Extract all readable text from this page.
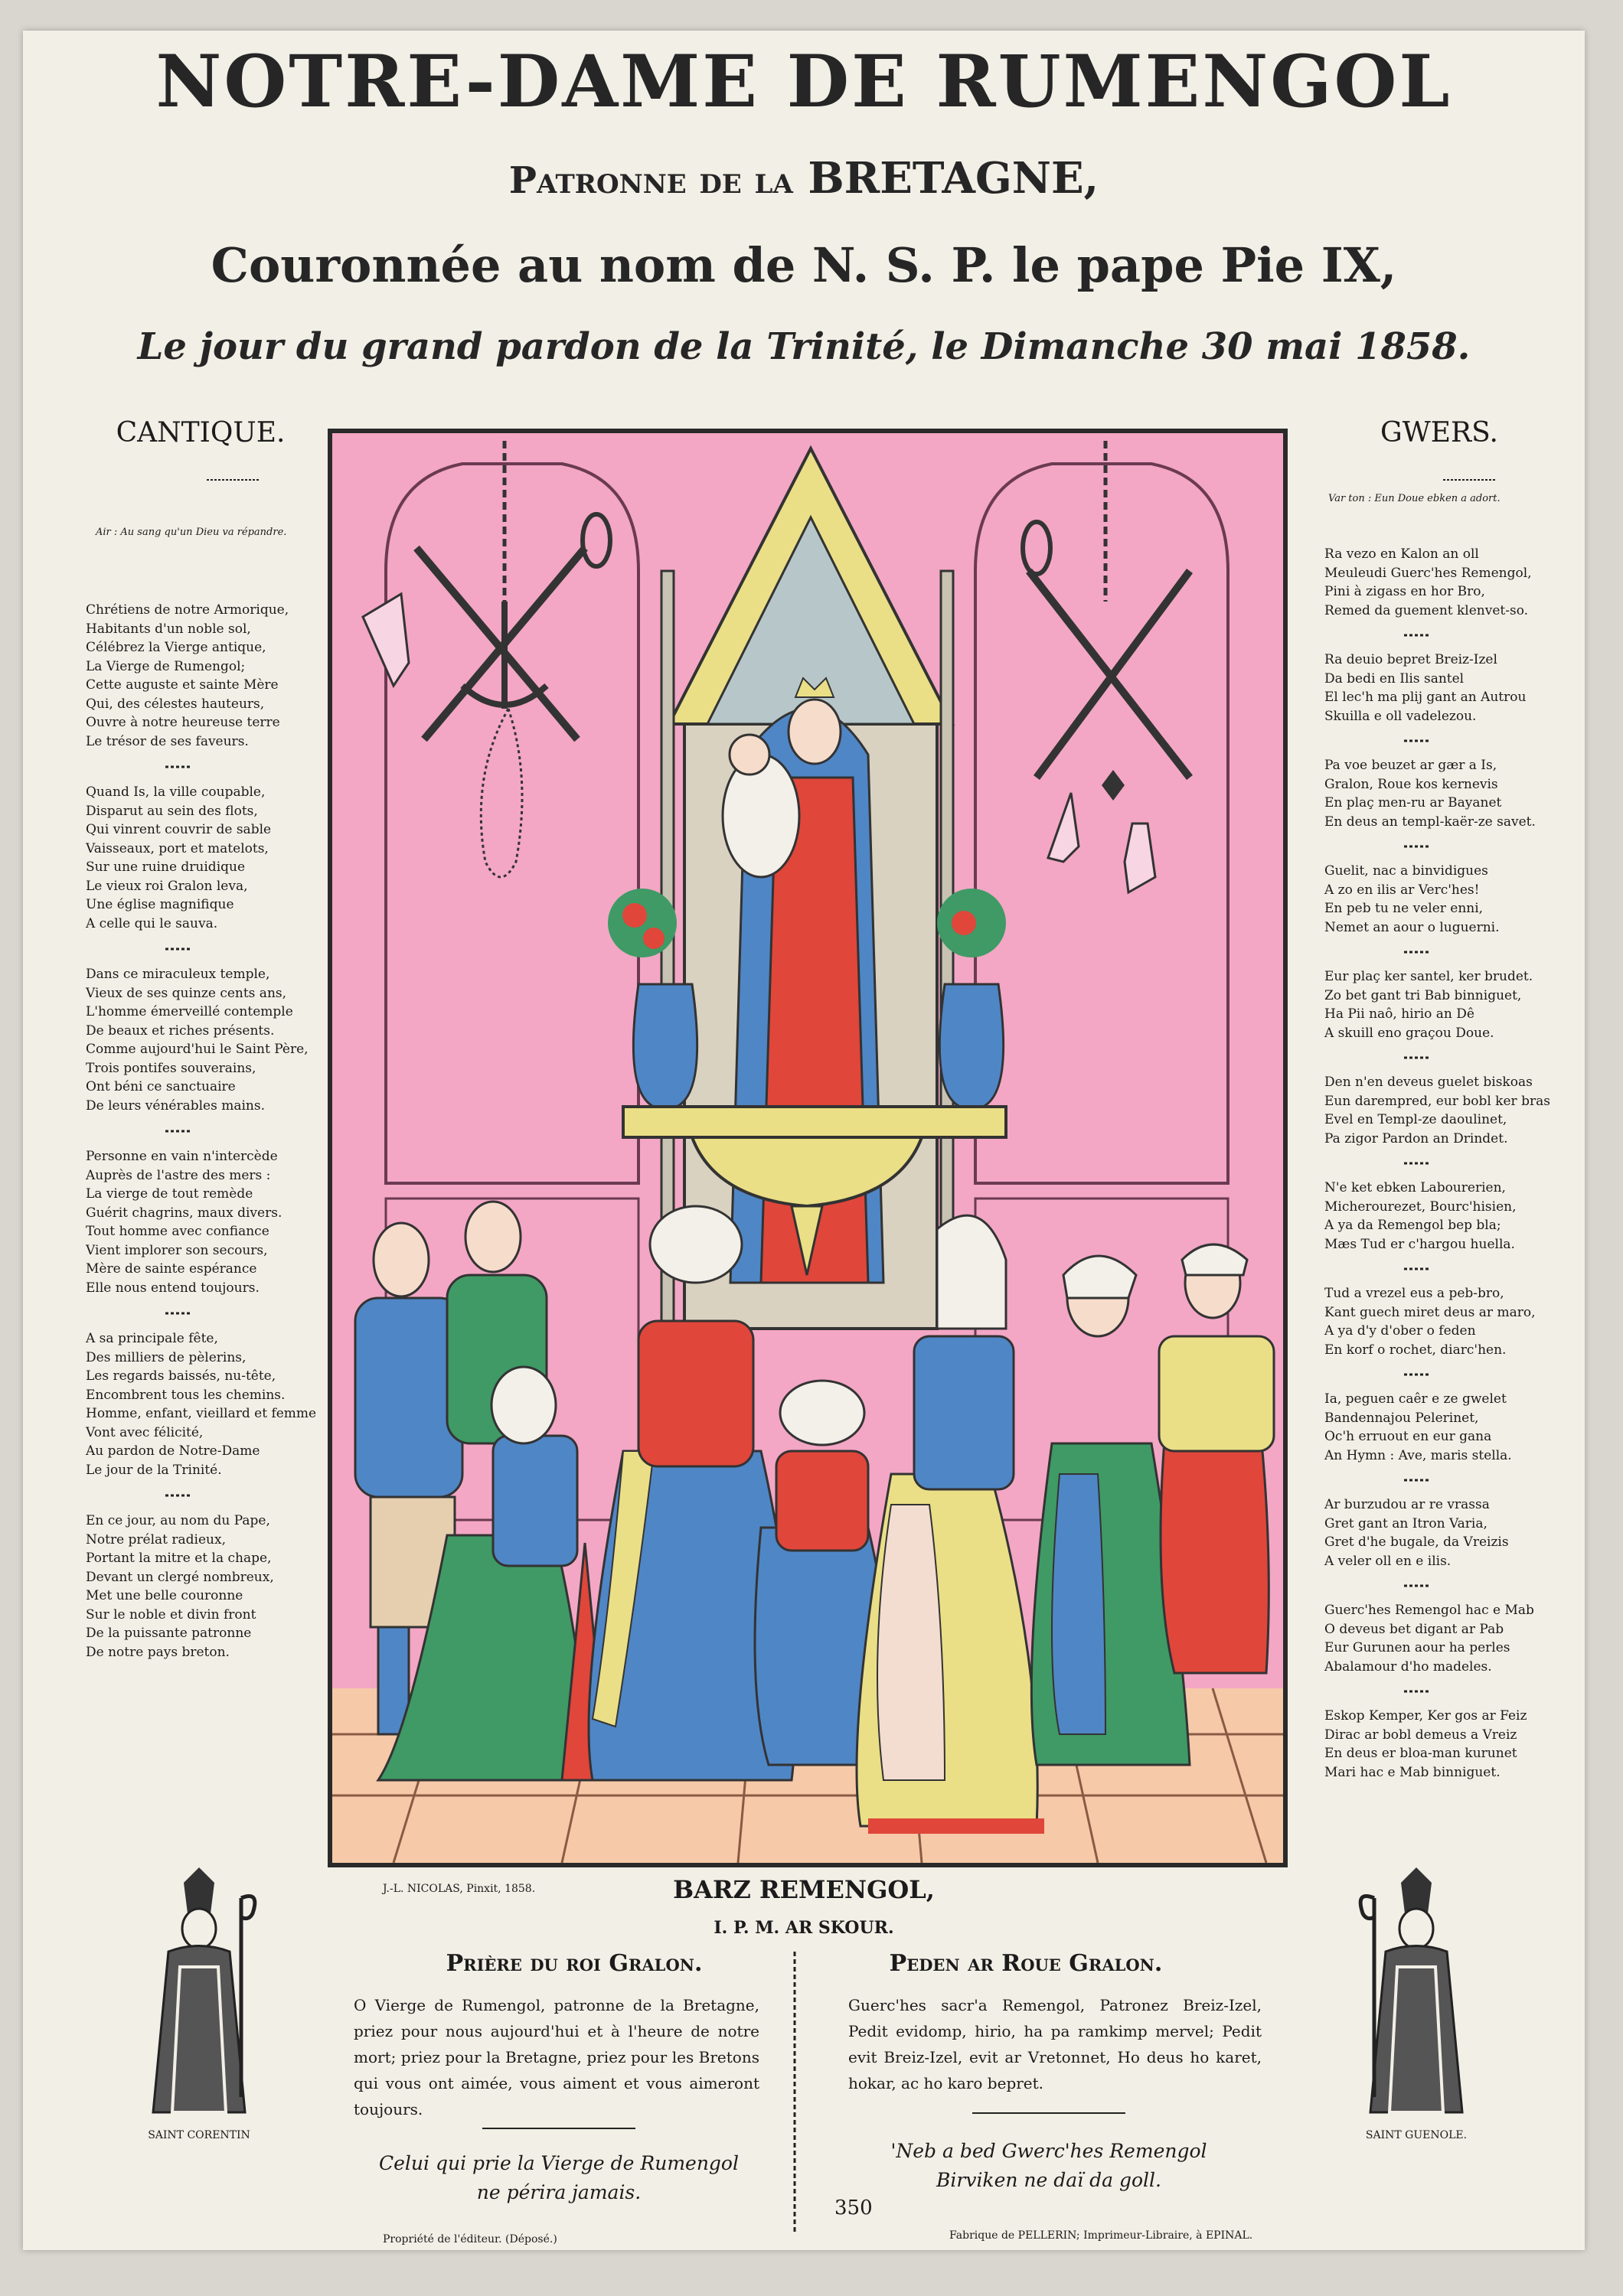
NOTRE-DAME DE RUMENGOL
Patronne de la BRETAGNE,
Couronnée au nom de N. S. P. le pape Pie IX,
Le jour du grand pardon de la Trinité, le Dimanche 30 mai 1858.
CANTIQUE.
Air : Au sang qu'un Dieu va répandre.
Chrétiens de notre Armorique,
Habitants d'un noble sol,
Célébrez la Vierge antique,
La Vierge de Rumengol;
Cette auguste et sainte Mère
Qui, des célestes hauteurs,
Ouvre à notre heureuse terre
Le trésor de ses faveurs.
Quand Is, la ville coupable,
Disparut au sein des flots,
Qui vinrent couvrir de sable
Vaisseaux, port et matelots,
Sur une ruine druidique
Le vieux roi Gralon leva,
Une église magnifique
A celle qui le sauva.
Dans ce miraculeux temple,
Vieux de ses quinze cents ans,
L'homme émerveillé contemple
De beaux et riches présents.
Comme aujourd'hui le Saint Père,
Trois pontifes souverains,
Ont béni ce sanctuaire
De leurs vénérables mains.
Personne en vain n'intercède
Auprès de l'astre des mers :
La vierge de tout remède
Guérit chagrins, maux divers.
Tout homme avec confiance
Vient implorer son secours,
Mère de sainte espérance
Elle nous entend toujours.
A sa principale fête,
Des milliers de pèlerins,
Les regards baissés, nu-tête,
Encombrent tous les chemins.
Homme, enfant, vieillard et femme
Vont avec félicité,
Au pardon de Notre-Dame
Le jour de la Trinité.
En ce jour, au nom du Pape,
Notre prélat radieux,
Portant la mitre et la chape,
Devant un clergé nombreux,
Met une belle couronne
Sur le noble et divin front
De la puissante patronne
De notre pays breton.
GWERS.
Var ton : Eun Doue ebken a adort.
Ra vezo en Kalon an oll
Meuleudi Guerc'hes Remengol,
Pini à zigass en hor Bro,
Remed da guement klenvet-so.
Ra deuio bepret Breiz-Izel
Da bedi en Ilis santel
El lec'h ma plij gant an Autrou
Skuilla e oll vadelezou.
Pa voe beuzet ar gær a Is,
Gralon, Roue kos kernevis
En plaç men-ru ar Bayanet
En deus an templ-kaër-ze savet.
Guelit, nac a binvidigues
A zo en ilis ar Verc'hes!
En peb tu ne veler enni,
Nemet an aour o luguerni.
Eur plaç ker santel, ker brudet.
Zo bet gant tri Bab binniguet,
Ha Pii naô, hirio an Dê
A skuill eno graçou Doue.
Den n'en deveus guelet biskoas
Eun darempred, eur bobl ker bras
Evel en Templ-ze daoulinet,
Pa zigor Pardon an Drindet.
N'e ket ebken Labourerien,
Micherourezet, Bourc'hisien,
A ya da Remengol bep bla;
Mæs Tud er c'hargou huella.
Tud a vrezel eus a peb-bro,
Kant guech miret deus ar maro,
A ya d'y d'ober o feden
En korf o rochet, diarc'hen.
Ia, peguen caêr e ze gwelet
Bandennajou Pelerinet,
Oc'h erruout en eur gana
An Hymn : Ave, maris stella.
Ar burzudou ar re vrassa
Gret gant an Itron Varia,
Gret d'he bugale, da Vreizis
A veler oll en e ilis.
Guerc'hes Remengol hac e Mab
O deveus bet digant ar Pab
Eur Gurunen aour ha perles
Abalamour d'ho madeles.
Eskop Kemper, Ker gos ar Feiz
Dirac ar bobl demeus a Vreiz
En deus er bloa-man kurunet
Mari hac e Mab binniguet.
J.-L. NICOLAS, Pinxit, 1858.	BARZ REMENGOL,
I. P. M. AR SKOUR.
Prière du roi Gralon.
O Vierge de Rumengol, patronne de la Bretagne, priez pour nous aujourd'hui et à l'heure de notre mort; priez pour la Bretagne, priez pour les Bretons qui vous ont aimée, vous aiment et vous aimeront toujours.
Peden ar Roue Gralon.
Guerc'hes sacr'a Remengol, Patronez Breiz-Izel, Pedit evidomp, hirio, ha pa ramkimp mervel; Pedit evit Breiz-Izel, evit ar Vretonnet, Ho deus ho karet, hokar, ac ho karo bepret.
Celui qui prie la Vierge de Rumengol
ne périra jamais.
'Neb a bed Gwerc'hes Remengol
Birviken ne daï da goll.
350
Propriété de l'éditeur. (Déposé.)	Fabrique de PELLERIN; Imprimeur-Libraire, à EPINAL.
SAINT CORENTIN	SAINT GUENOLE.
